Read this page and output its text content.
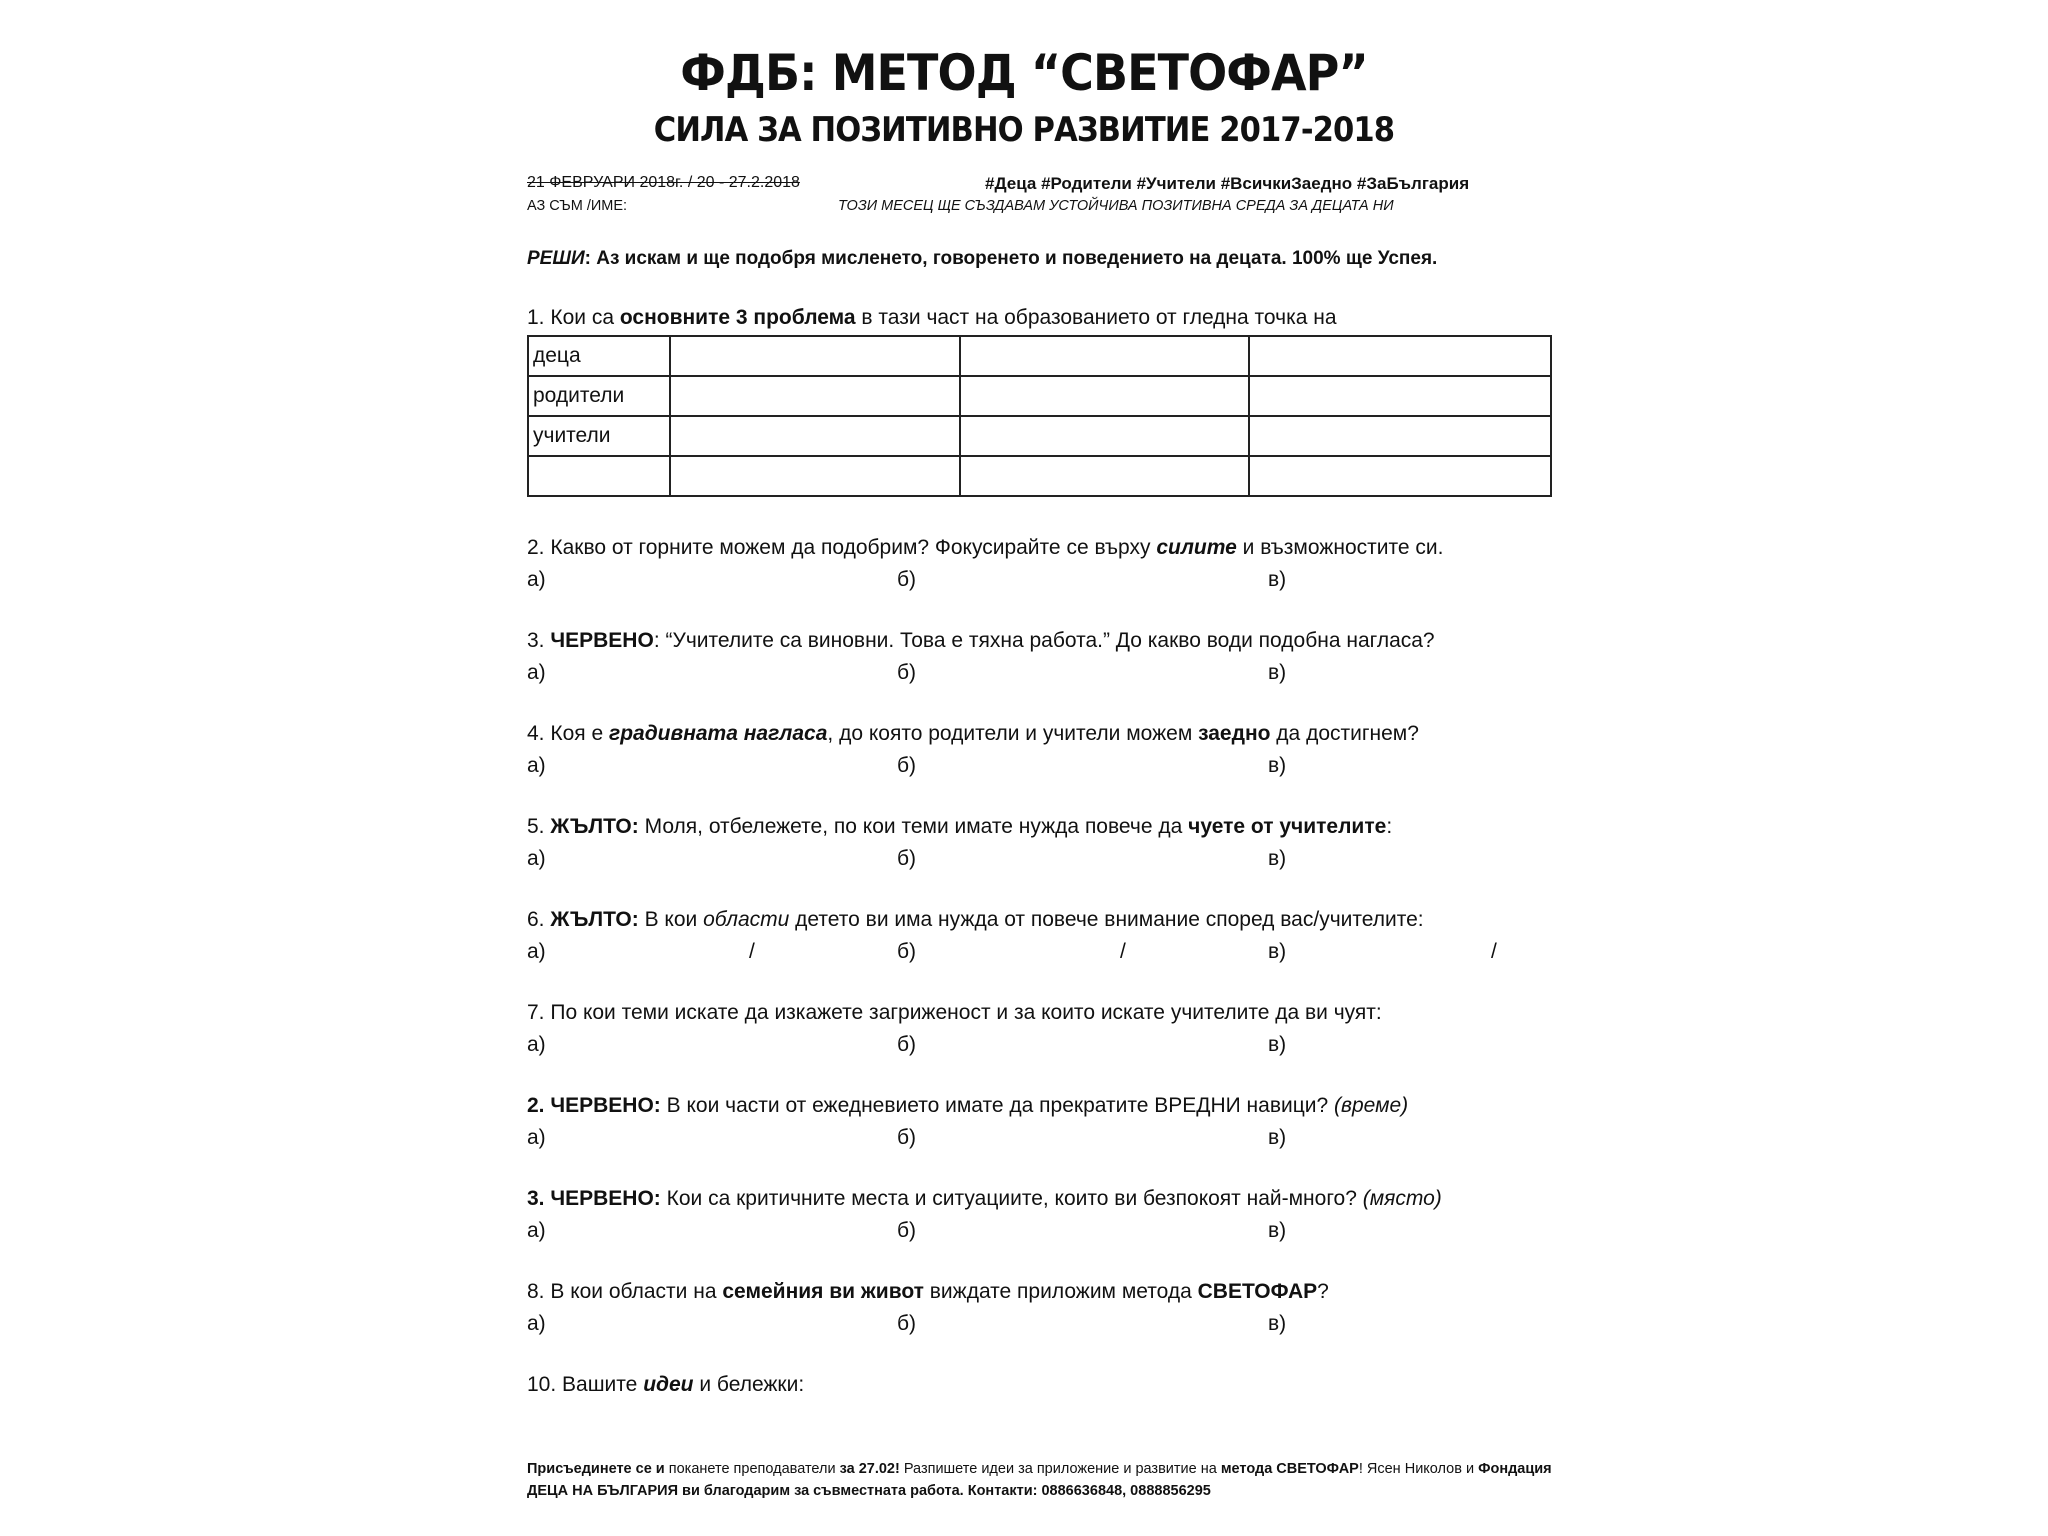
ФДБ: МЕТОД “СВЕТОФАР”
СИЛА ЗА ПОЗИТИВНО РАЗВИТИЕ 2017-2018
21 ФЕВРУАРИ 2018г. / 20 - 27.2.2018	#Деца #Родители #Учители #ВсичкиЗаедно #ЗаБългария
АЗ СЪМ /ИМЕ:	ТОЗИ МЕСЕЦ ЩЕ СЪЗДАВАМ УСТОЙЧИВА ПОЗИТИВНА СРЕДА ЗА ДЕЦАТА НИ
РЕШИ: Аз искам и ще подобря мисленето, говоренето и поведението на децата. 100% ще Успея.
1. Кои са основните 3 проблема в тази част на образованието от гледна точка на
деца			
родители			
учители			

2. Какво от горните можем да подобрим? Фокусирайте се върху силите и възможностите си.
а)	б)	в)
3. ЧЕРВЕНО: “Учителите са виновни. Това е тяхна работа.” До какво води подобна нагласа?
а)	б)	в)
4. Коя е градивната нагласа, до която родители и учители можем заедно да достигнем?
а)	б)	в)
5. ЖЪЛТО: Моля, отбележете, по кои теми имате нужда повече да чуете от учителите:
а)	б)	в)
6. ЖЪЛТО: В кои области детето ви има нужда от повече внимание според вас/учителите:
а)	/	б)	/	в)	/
7. По кои теми искате да изкажете загриженост и за които искате учителите да ви чуят:
а)	б)	в)
2. ЧЕРВЕНО: В кои части от ежедневието имате да прекратите ВРЕДНИ навици? (време)
а)	б)	в)
3. ЧЕРВЕНО: Кои са критичните места и ситуациите, които ви безпокоят най-много? (място)
а)	б)	в)
8. В кои области на семейния ви живот виждате приложим метода СВЕТОФАР?
а)	б)	в)
10. Вашите идеи и бележки:
Присъединете се и поканете преподаватели за 27.02! Разпишете идеи за приложение и развитие на метода СВЕТОФАР! Ясен Николов и Фондация ДЕЦА НА БЪЛГАРИЯ ви благодарим за съвместната работа. Контакти: 0886636848, 0888856295
